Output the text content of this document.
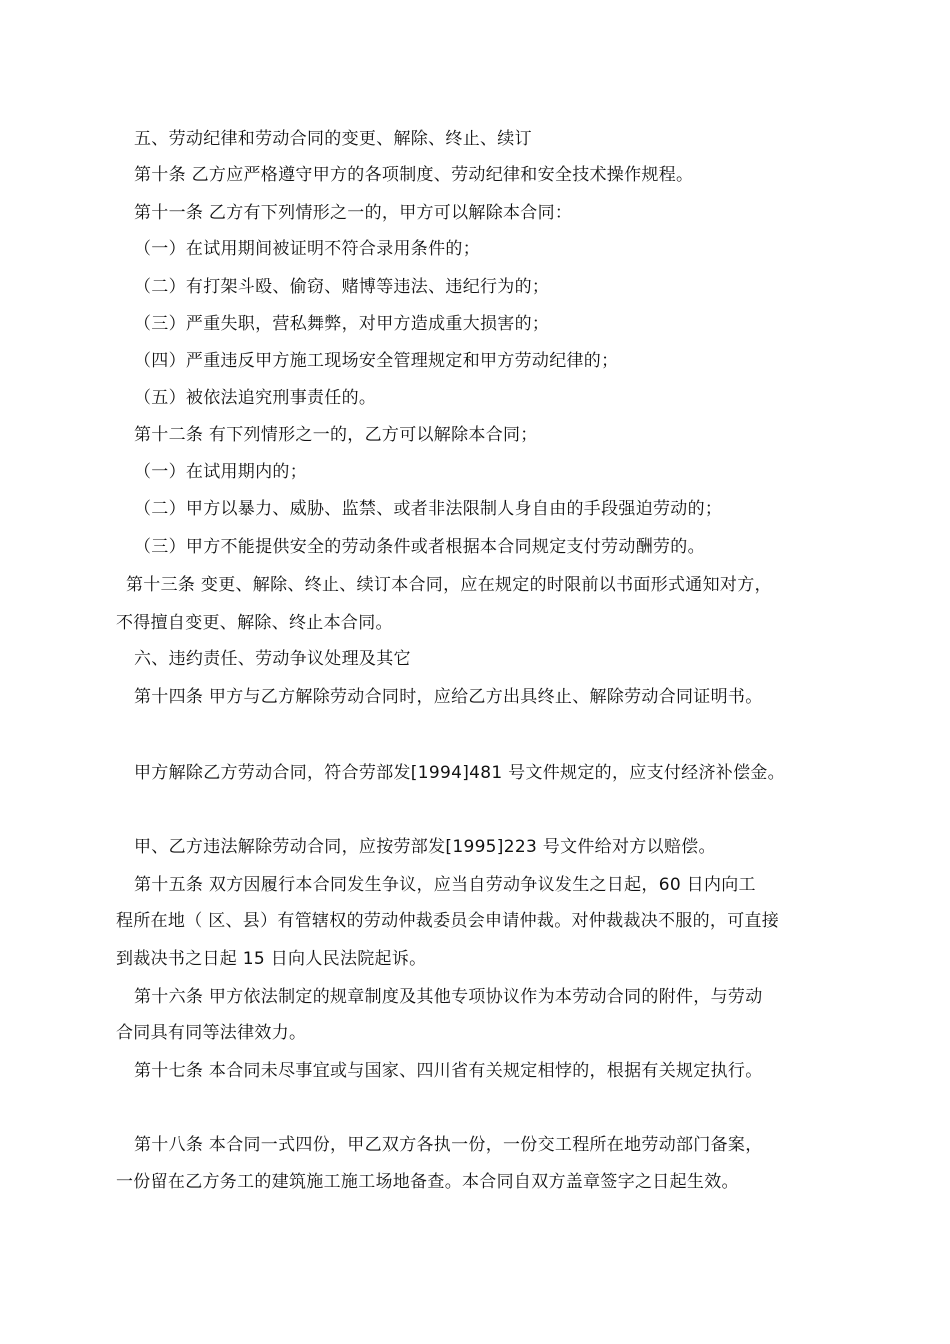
五、劳动纪律和劳动合同的变更、解除、终止、续订
第十条 乙方应严格遵守甲方的各项制度、劳动纪律和安全技术操作规程。
第十一条 乙方有下列情形之一的，甲方可以解除本合同：
（一）在试用期间被证明不符合录用条件的；
（二）有打架斗殴、偷窃、赌博等违法、违纪行为的；
（三）严重失职，营私舞弊，对甲方造成重大损害的；
（四）严重违反甲方施工现场安全管理规定和甲方劳动纪律的；
（五）被依法追究刑事责任的。
第十二条 有下列情形之一的，乙方可以解除本合同；
（一）在试用期内的；
（二）甲方以暴力、威胁、监禁、或者非法限制人身自由的手段强迫劳动的；
（三）甲方不能提供安全的劳动条件或者根据本合同规定支付劳动酬劳的。
第十三条 变更、解除、终止、续订本合同，应在规定的时限前以书面形式通知对方，
不得擅自变更、解除、终止本合同。
六、违约责任、劳动争议处理及其它
第十四条 甲方与乙方解除劳动合同时，应给乙方出具终止、解除劳动合同证明书。
甲方解除乙方劳动合同，符合劳部发[1994]481 号文件规定的，应支付经济补偿金。
甲、乙方违法解除劳动合同，应按劳部发[1995]223 号文件给对方以赔偿。
第十五条 双方因履行本合同发生争议，应当自劳动争议发生之日起，60 日内向工
程所在地（ 区、县）有管辖权的劳动仲裁委员会申请仲裁。对仲裁裁决不服的，可直接
到裁决书之日起 15 日向人民法院起诉。
第十六条 甲方依法制定的规章制度及其他专项协议作为本劳动合同的附件，与劳动
合同具有同等法律效力。
第十七条 本合同未尽事宜或与国家、四川省有关规定相悖的，根据有关规定执行。
第十八条 本合同一式四份，甲乙双方各执一份，一份交工程所在地劳动部门备案，
一份留在乙方务工的建筑施工施工场地备查。本合同自双方盖章签字之日起生效。
